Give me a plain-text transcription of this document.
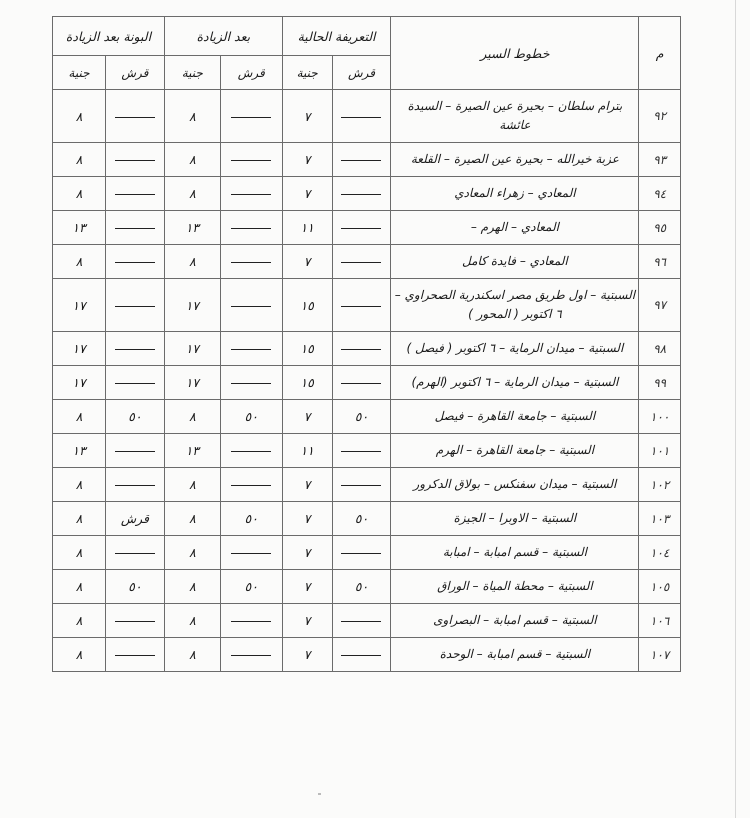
م	خطوط السير	التعريفة الحالية		بعد الزيادة		البونة بعد الزيادة	
		قرش	جنية	قرش	جنية	قرش	جنية
٩٢	بترام سلطان – بحيرة عين الصيرة – السيدة عائشة		٧		٨		٨
٩٣	عزبة خيرالله – بحيرة عين الصيرة – القلعة		٧		٨		٨
٩٤	المعادي – زهراء المعادي		٧		٨		٨
٩٥	المعادي – الهرم –		١١		١٣		١٣
٩٦	المعادي – فايدة كامل		٧		٨		٨
٩٧	السبتية – اول طريق مصر اسكندرية الصحراوي – ٦ اكتوبر ( المحور )		١٥		١٧		١٧
٩٨	السبتية – ميدان الرماية – ٦ اكتوبر ( فيصل )		١٥		١٧		١٧
٩٩	السبتية – ميدان الرماية – ٦ اكتوبر (الهرم)		١٥		١٧		١٧
١٠٠	السبتية – جامعة القاهرة – فيصل	٥٠	٧	٥٠	٨	٥٠	٨
١٠١	السبتية – جامعة القاهرة – الهرم		١١		١٣		١٣
١٠٢	السبتية – ميدان سفنكس – بولاق الدكرور		٧		٨		٨
١٠٣	السبتية – الاوبرا – الجيزة	٥٠	٧	٥٠	٨	قرش	٨
١٠٤	السبتية – قسم امبابة – امبابة		٧		٨		٨
١٠٥	السبتية – محطة المياة – الوراق	٥٠	٧	٥٠	٨	٥٠	٨
١٠٦	السبتية – قسم امبابة – البصراوى		٧		٨		٨
١٠٧	السبتية – قسم امبابة – الوحدة		٧		٨		٨
